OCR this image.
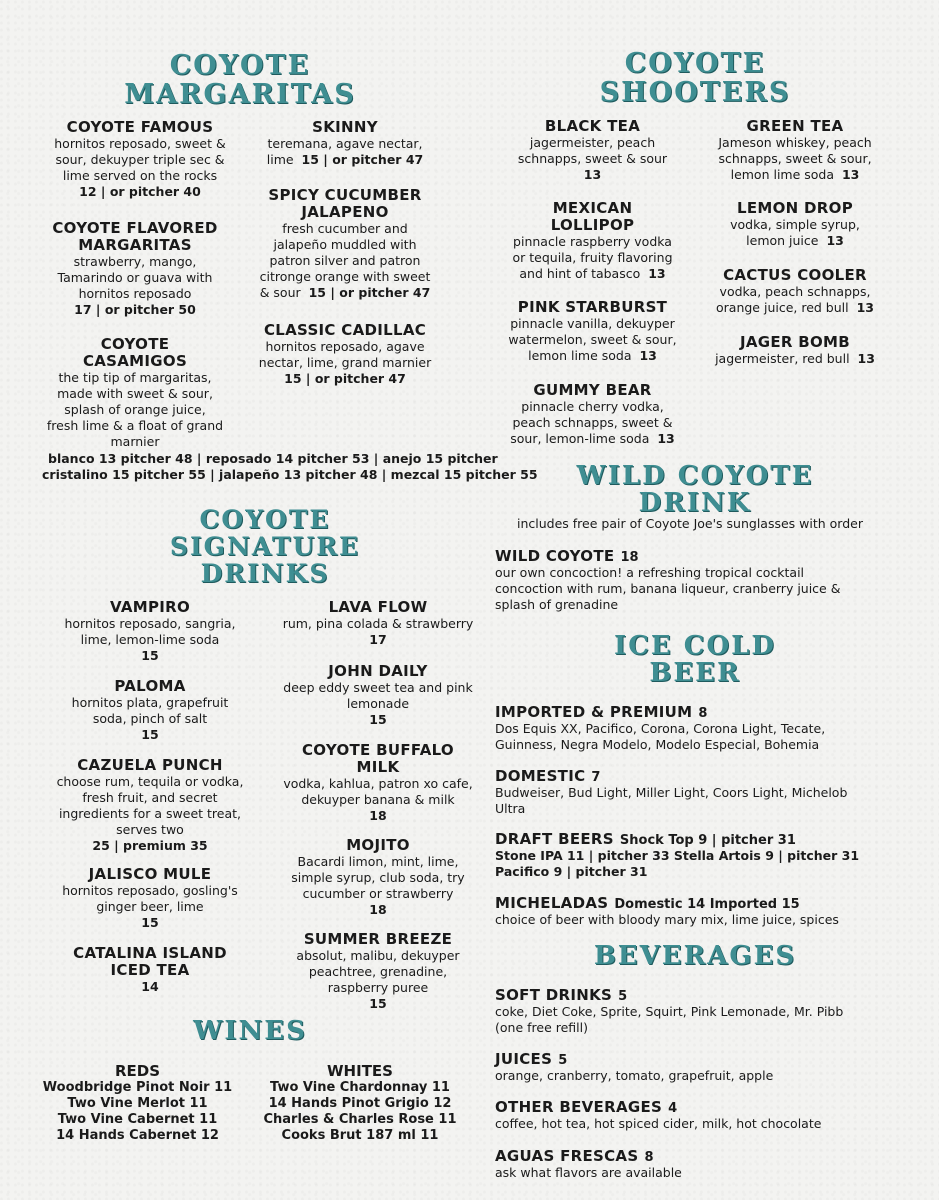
COYOTE
MARGARITAS
COYOTE
SHOOTERS
COYOTE
SIGNATURE
DRINKS
WILD COYOTE
DRINK
ICE COLD
BEER
BEVERAGES
WINES
COYOTE FAMOUS
hornitos reposado, sweet &
sour, dekuyper triple sec &
lime served on the rocks
12 | or pitcher 40
COYOTE FLAVORED
MARGARITAS
strawberry, mango,
Tamarindo or guava with
hornitos reposado
17 | or pitcher 50
COYOTE
CASAMIGOS
the tip tip of margaritas,
made with sweet & sour,
splash of orange juice,
fresh lime & a float of grand
marnier
SKINNY
teremana, agave nectar,
lime 15 | or pitcher 47
SPICY CUCUMBER
JALAPENO
fresh cucumber and
jalapeño muddled with
patron silver and patron
citronge orange with sweet
& sour 15 | or pitcher 47
CLASSIC CADILLAC
hornitos reposado, agave
nectar, lime, grand marnier
15 | or pitcher 47
blanco 13 pitcher 48 | reposado 14 pitcher 53 | anejo 15 pitcher
cristalino 15 pitcher 55 | jalapeño 13 pitcher 48 | mezcal 15 pitcher 55
BLACK TEA
jagermeister, peach
schnapps, sweet & sour
13
MEXICAN
LOLLIPOP
pinnacle raspberry vodka
or tequila, fruity flavoring
and hint of tabasco 13
PINK STARBURST
pinnacle vanilla, dekuyper
watermelon, sweet & sour,
lemon lime soda 13
GUMMY BEAR
pinnacle cherry vodka,
peach schnapps, sweet &
sour, lemon-lime soda 13
GREEN TEA
Jameson whiskey, peach
schnapps, sweet & sour,
lemon lime soda 13
LEMON DROP
vodka, simple syrup,
lemon juice 13
CACTUS COOLER
vodka, peach schnapps,
orange juice, red bull 13
JAGER BOMB
jagermeister, red bull 13
VAMPIRO
hornitos reposado, sangria,
lime, lemon-lime soda
15
PALOMA
hornitos plata, grapefruit
soda, pinch of salt
15
CAZUELA PUNCH
choose rum, tequila or vodka,
fresh fruit, and secret
ingredients for a sweet treat,
serves two
25 | premium 35
JALISCO MULE
hornitos reposado, gosling's
ginger beer, lime
15
CATALINA ISLAND
ICED TEA
14
LAVA FLOW
rum, pina colada & strawberry
17
JOHN DAILY
deep eddy sweet tea and pink
lemonade
15
COYOTE BUFFALO
MILK
vodka, kahlua, patron xo cafe,
dekuyper banana & milk
18
MOJITO
Bacardi limon, mint, lime,
simple syrup, club soda, try
cucumber or strawberry
18
SUMMER BREEZE
absolut, malibu, dekuyper
peachtree, grenadine,
raspberry puree
15
includes free pair of Coyote Joe's sunglasses with order
WILD COYOTE 18
our own concoction! a refreshing tropical cocktail
concoction with rum, banana liqueur, cranberry juice &
splash of grenadine
IMPORTED & PREMIUM 8
Dos Equis XX, Pacifico, Corona, Corona Light, Tecate,
Guinness, Negra Modelo, Modelo Especial, Bohemia
DOMESTIC 7
Budweiser, Bud Light, Miller Light, Coors Light, Michelob
Ultra
DRAFT BEERS Shock Top 9 | pitcher 31
Stone IPA 11 | pitcher 33 Stella Artois 9 | pitcher 31
Pacifico 9 | pitcher 31
MICHELADAS Domestic 14 Imported 15
choice of beer with bloody mary mix, lime juice, spices
SOFT DRINKS 5
coke, Diet Coke, Sprite, Squirt, Pink Lemonade, Mr. Pibb
(one free refill)
JUICES 5
orange, cranberry, tomato, grapefruit, apple
OTHER BEVERAGES 4
coffee, hot tea, hot spiced cider, milk, hot chocolate
AGUAS FRESCAS 8
ask what flavors are available
REDS
Woodbridge Pinot Noir 11
Two Vine Merlot 11
Two Vine Cabernet 11
14 Hands Cabernet 12
WHITES
Two Vine Chardonnay 11
14 Hands Pinot Grigio 12
Charles & Charles Rose 11
Cooks Brut 187 ml 11
